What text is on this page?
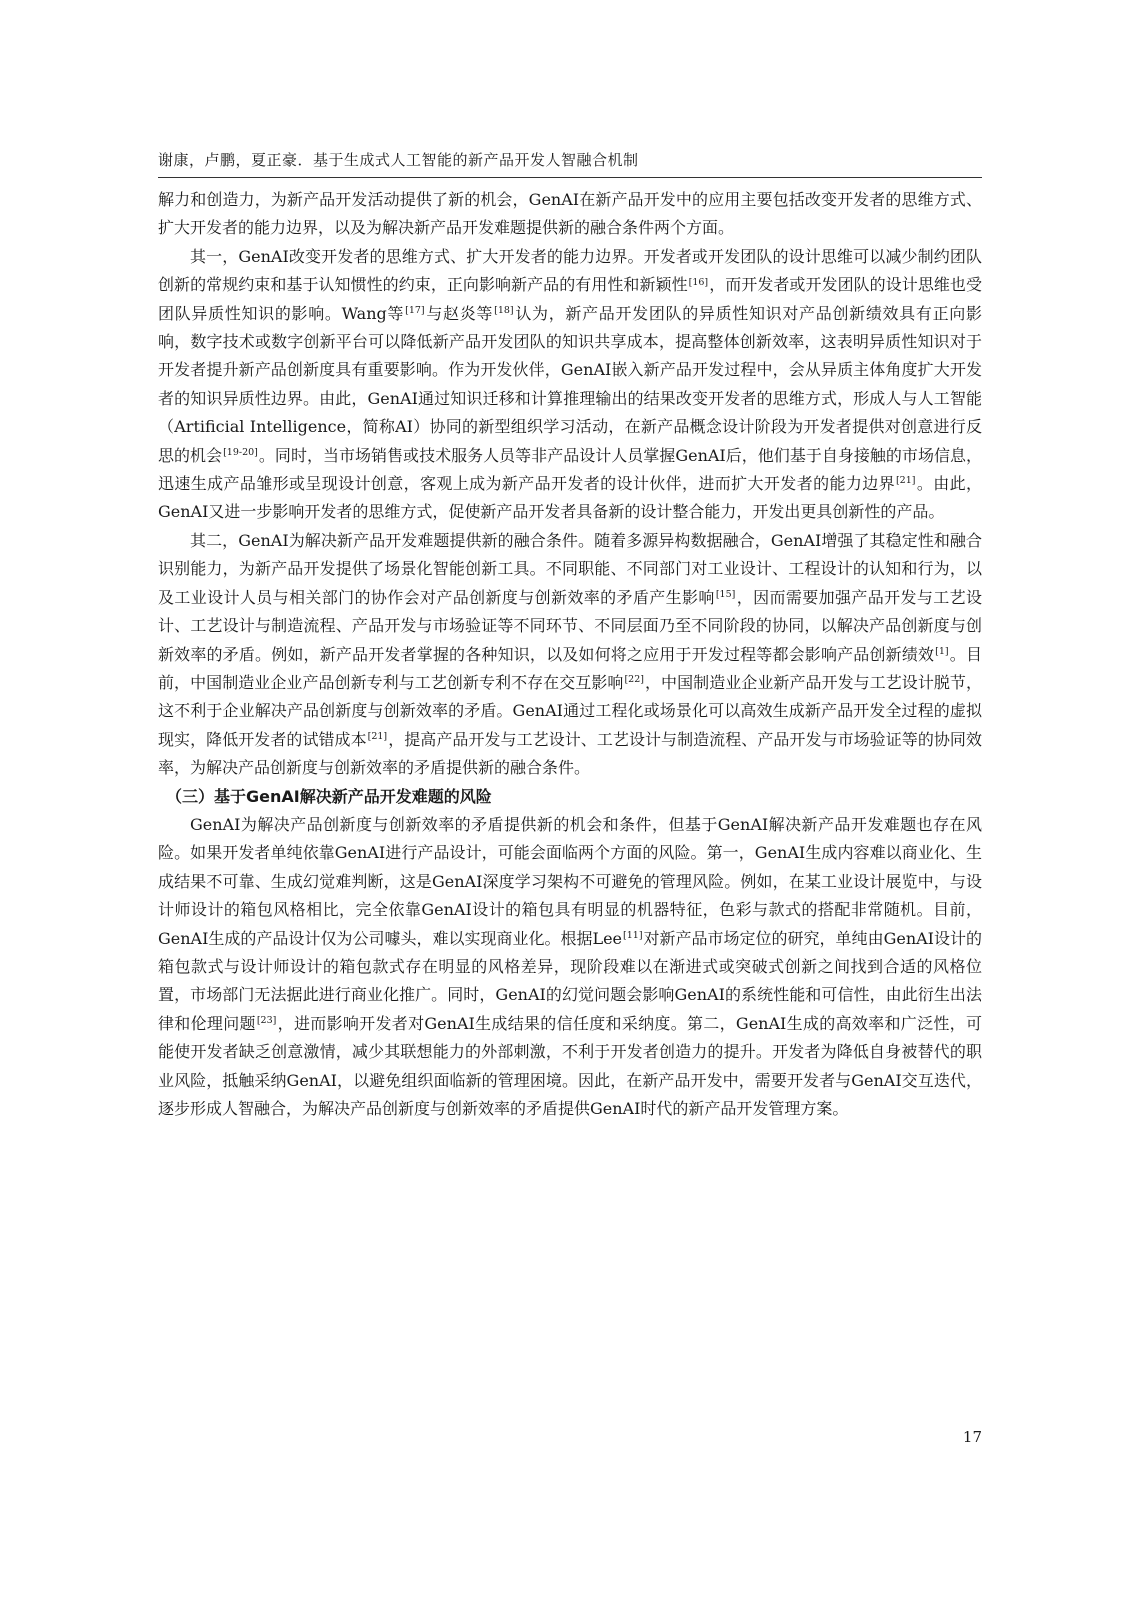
谢康，卢鹏，夏正豪．基于生成式人工智能的新产品开发人智融合机制

解力和创造力，为新产品开发活动提供了新的机会，GenAI在新产品开发中的应用主要包括改变开发者的思维方式、扩大开发者的能力边界，以及为解决新产品开发难题提供新的融合条件两个方面。

其一，GenAI改变开发者的思维方式、扩大开发者的能力边界。开发者或开发团队的设计思维可以减少制约团队创新的常规约束和基于认知惯性的约束，正向影响新产品的有用性和新颖性[16]，而开发者或开发团队的设计思维也受团队异质性知识的影响。Wang等[17]与赵炎等[18]认为，新产品开发团队的异质性知识对产品创新绩效具有正向影响，数字技术或数字创新平台可以降低新产品开发团队的知识共享成本，提高整体创新效率，这表明异质性知识对于开发者提升新产品创新度具有重要影响。作为开发伙伴，GenAI嵌入新产品开发过程中，会从异质主体角度扩大开发者的知识异质性边界。由此，GenAI通过知识迁移和计算推理输出的结果改变开发者的思维方式，形成人与人工智能（Artificial Intelligence，简称AI）协同的新型组织学习活动，在新产品概念设计阶段为开发者提供对创意进行反思的机会[19-20]。同时，当市场销售或技术服务人员等非产品设计人员掌握GenAI后，他们基于自身接触的市场信息，迅速生成产品雏形或呈现设计创意，客观上成为新产品开发者的设计伙伴，进而扩大开发者的能力边界[21]。由此，GenAI又进一步影响开发者的思维方式，促使新产品开发者具备新的设计整合能力，开发出更具创新性的产品。

其二，GenAI为解决新产品开发难题提供新的融合条件。随着多源异构数据融合，GenAI增强了其稳定性和融合识别能力，为新产品开发提供了场景化智能创新工具。不同职能、不同部门对工业设计、工程设计的认知和行为，以及工业设计人员与相关部门的协作会对产品创新度与创新效率的矛盾产生影响[15]，因而需要加强产品开发与工艺设计、工艺设计与制造流程、产品开发与市场验证等不同环节、不同层面乃至不同阶段的协同，以解决产品创新度与创新效率的矛盾。例如，新产品开发者掌握的各种知识，以及如何将之应用于开发过程等都会影响产品创新绩效[1]。目前，中国制造业企业产品创新专利与工艺创新专利不存在交互影响[22]，中国制造业企业新产品开发与工艺设计脱节，这不利于企业解决产品创新度与创新效率的矛盾。GenAI通过工程化或场景化可以高效生成新产品开发全过程的虚拟现实，降低开发者的试错成本[21]，提高产品开发与工艺设计、工艺设计与制造流程、产品开发与市场验证等的协同效率，为解决产品创新度与创新效率的矛盾提供新的融合条件。

（三）基于GenAI解决新产品开发难题的风险

GenAI为解决产品创新度与创新效率的矛盾提供新的机会和条件，但基于GenAI解决新产品开发难题也存在风险。如果开发者单纯依靠GenAI进行产品设计，可能会面临两个方面的风险。第一，GenAI生成内容难以商业化、生成结果不可靠、生成幻觉难判断，这是GenAI深度学习架构不可避免的管理风险。例如，在某工业设计展览中，与设计师设计的箱包风格相比，完全依靠GenAI设计的箱包具有明显的机器特征，色彩与款式的搭配非常随机。目前，GenAI生成的产品设计仅为公司噱头，难以实现商业化。根据Lee[11]对新产品市场定位的研究，单纯由GenAI设计的箱包款式与设计师设计的箱包款式存在明显的风格差异，现阶段难以在渐进式或突破式创新之间找到合适的风格位置，市场部门无法据此进行商业化推广。同时，GenAI的幻觉问题会影响GenAI的系统性能和可信性，由此衍生出法律和伦理问题[23]，进而影响开发者对GenAI生成结果的信任度和采纳度。第二，GenAI生成的高效率和广泛性，可能使开发者缺乏创意激情，减少其联想能力的外部刺激，不利于开发者创造力的提升。开发者为降低自身被替代的职业风险，抵触采纳GenAI，以避免组织面临新的管理困境。因此，在新产品开发中，需要开发者与GenAI交互迭代，逐步形成人智融合，为解决产品创新度与创新效率的矛盾提供GenAI时代的新产品开发管理方案。

17
